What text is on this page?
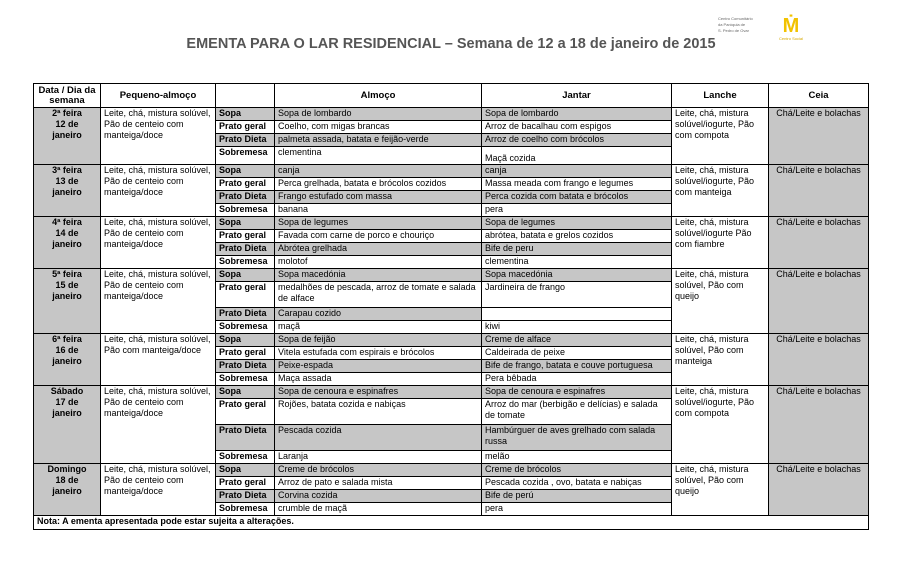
Centro Comunitário
da Paróquia de
S. Pedro de Ovar Ṁ
Centro Social
EMENTA PARA O LAR RESIDENCIAL – Semana de 12 a 18 de janeiro de 2015
Data / Dia da semana	Pequeno-almoço		Almoço	Jantar	Lanche	Ceia
2ª feira
12 de
janeiro	Leite, chá, mistura solúvel, Pão de centeio com manteiga/doce	Sopa	Sopa de lombardo	Sopa de lombardo	Leite, chá, mistura solúvel/iogurte, Pão com compota	Chá/Leite e bolachas
		Prato geral	Coelho, com migas brancas	Arroz de bacalhau com espigos		
		Prato Dieta	palmeta assada, batata e feijão-verde	Arroz de coelho com brócolos		
		Sobremesa	clementina	Maçã cozida		
3ª feira
13 de
janeiro	Leite, chá, mistura solúvel, Pão de centeio com manteiga/doce	Sopa	canja	canja	Leite, chá, mistura solúvel/iogurte, Pão com manteiga	Chá/Leite e bolachas
		Prato geral	Perca grelhada, batata e brócolos cozidos	Massa meada com frango e legumes		
		Prato Dieta	Frango estufado com massa	Perca cozida com batata e brócolos		
		Sobremesa	banana	pera		
4ª feira
14 de
janeiro	Leite, chá, mistura solúvel, Pão de centeio com manteiga/doce	Sopa	Sopa de legumes	Sopa de legumes	Leite, chá, mistura solúvel/iogurte Pão com fiambre	Chá/Leite e bolachas
		Prato geral	Favada com carne de porco e chouriço	abrótea, batata e grelos cozidos		
		Prato Dieta	Abrótea grelhada	Bife de peru		
		Sobremesa	molotof	clementina		
5ª feira
15 de
janeiro	Leite, chá, mistura solúvel, Pão de centeio com manteiga/doce	Sopa	Sopa macedónia	Sopa macedónia	Leite, chá, mistura solúvel, Pão com queijo	Chá/Leite e bolachas
		Prato geral	medalhões de pescada, arroz de tomate e salada de alface	Jardineira de frango		
		Prato Dieta	Carapau cozido			
		Sobremesa	maçã	kiwi		
6ª feira
16 de
janeiro	Leite, chá, mistura solúvel, Pão com manteiga/doce	Sopa	Sopa de feijão	Creme de alface	Leite, chá, mistura solúvel, Pão com manteiga	Chá/Leite e bolachas
		Prato geral	Vitela estufada com espirais e brócolos	Caldeirada de peixe		
		Prato Dieta	Peixe-espada	Bife de frango, batata e couve portuguesa		
		Sobremesa	Maça assada	Pera bêbada		
Sábado
17 de
janeiro	Leite, chá, mistura solúvel, Pão de centeio com manteiga/doce	Sopa	Sopa de cenoura e espinafres	Sopa de cenoura e espinafres	Leite, chá, mistura solúvel/iogurte, Pão com compota	Chá/Leite e bolachas
		Prato geral	Rojões, batata cozida e nabiças	Arroz do mar (berbigão e delícias) e salada de tomate		
		Prato Dieta	Pescada cozida	Hambúrguer de aves grelhado com salada russa		
		Sobremesa	Laranja	melão		
Domingo
18 de
janeiro	Leite, chá, mistura solúvel, Pão de centeio com manteiga/doce	Sopa	Creme de brócolos	Creme de brócolos	Leite, chá, mistura solúvel, Pão com queijo	Chá/Leite e bolachas
		Prato geral	Arroz de pato e salada mista	Pescada cozida , ovo, batata e nabiças		
		Prato Dieta	Corvina cozida	Bife de perú		
		Sobremesa	crumble de maçã	pera		
Nota: A ementa apresentada pode estar sujeita a alterações.						
